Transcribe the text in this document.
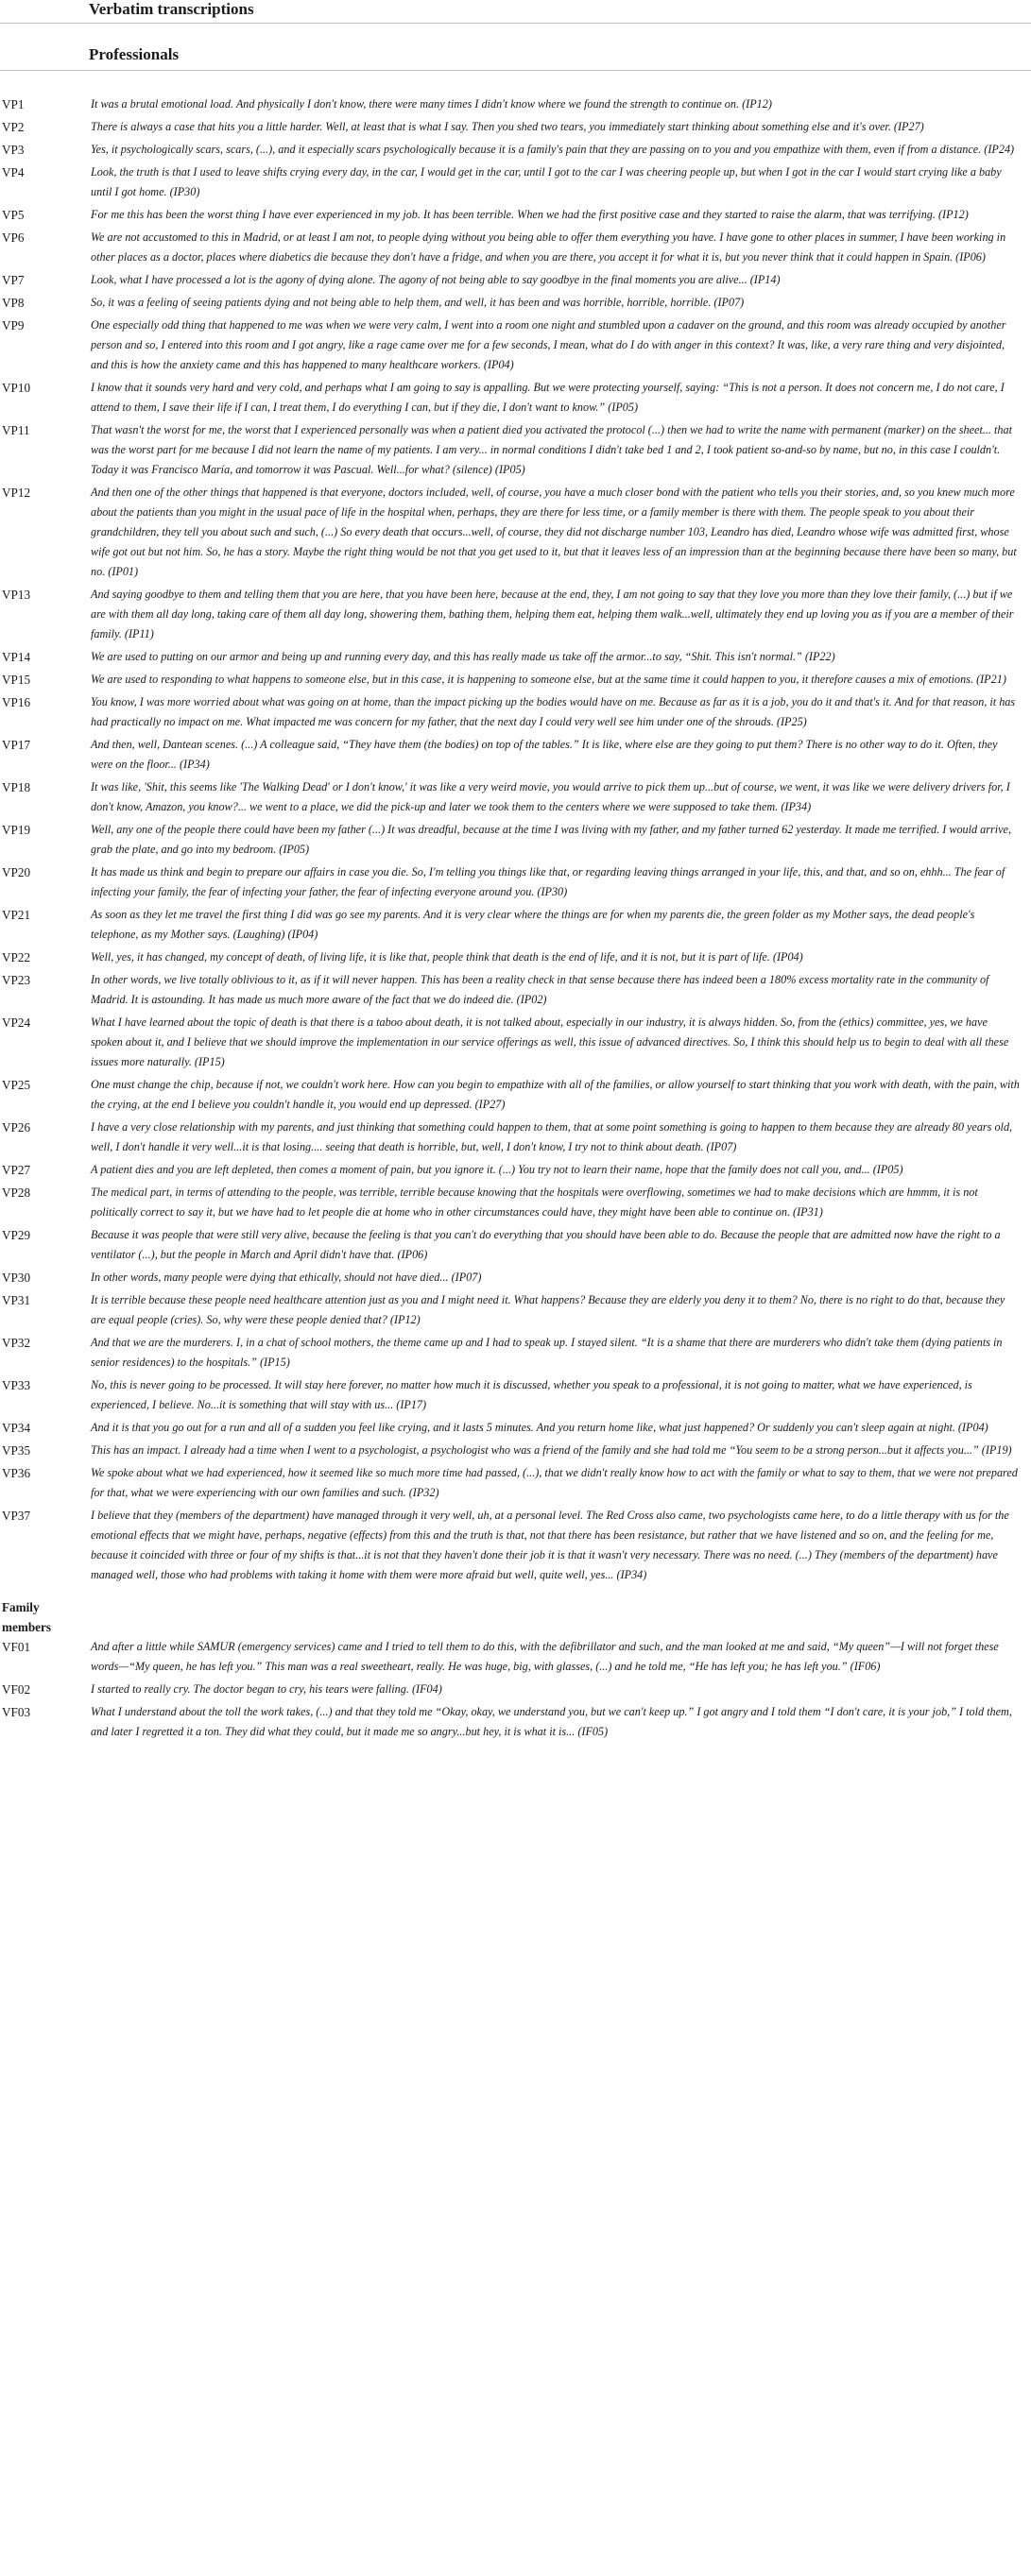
Verbatim transcriptions
Professionals
VP1	It was a brutal emotional load. And physically I don't know, there were many times I didn't know where we found the strength to continue on. (IP12)

VP2	There is always a case that hits you a little harder. Well, at least that is what I say. Then you shed two tears, you immediately start thinking about something else and it's over. (IP27)

VP3	Yes, it psychologically scars, scars, (...), and it especially scars psychologically because it is a family's pain that they are passing on to you and you empathize with them, even if from a distance. (IP24)

VP4	Look, the truth is that I used to leave shifts crying every day, in the car, I would get in the car, until I got to the car I was cheering people up, but when I got in the car I would start crying like a baby until I got home. (IP30)

VP5	For me this has been the worst thing I have ever experienced in my job. It has been terrible. When we had the first positive case and they started to raise the alarm, that was terrifying. (IP12)

VP6	We are not accustomed to this in Madrid, or at least I am not, to people dying without you being able to offer them everything you have. I have gone to other places in summer, I have been working in other places as a doctor, places where diabetics die because they don't have a fridge, and when you are there, you accept it for what it is, but you never think that it could happen in Spain. (IP06)

VP7	Look, what I have processed a lot is the agony of dying alone. The agony of not being able to say goodbye in the final moments you are alive... (IP14)

VP8	So, it was a feeling of seeing patients dying and not being able to help them, and well, it has been and was horrible, horrible, horrible. (IP07)

VP9	One especially odd thing that happened to me was when we were very calm, I went into a room one night and stumbled upon a cadaver on the ground, and this room was already occupied by another person and so, I entered into this room and I got angry, like a rage came over me for a few seconds, I mean, what do I do with anger in this context? It was, like, a very rare thing and very disjointed, and this is how the anxiety came and this has happened to many healthcare workers. (IP04)

VP10	I know that it sounds very hard and very cold, and perhaps what I am going to say is appalling. But we were protecting yourself, saying: “This is not a person. It does not concern me, I do not care, I attend to them, I save their life if I can, I treat them, I do everything I can, but if they die, I don't want to know.” (IP05)

VP11	That wasn't the worst for me, the worst that I experienced personally was when a patient died you activated the protocol (...) then we had to write the name with permanent (marker) on the sheet... that was the worst part for me because I did not learn the name of my patients. I am very... in normal conditions I didn't take bed 1 and 2, I took patient so-and-so by name, but no, in this case I couldn't. Today it was Francisco María, and tomorrow it was Pascual. Well...for what? (silence) (IP05)

VP12	And then one of the other things that happened is that everyone, doctors included, well, of course, you have a much closer bond with the patient who tells you their stories, and, so you knew much more about the patients than you might in the usual pace of life in the hospital when, perhaps, they are there for less time, or a family member is there with them. The people speak to you about their grandchildren, they tell you about such and such, (...) So every death that occurs...well, of course, they did not discharge number 103, Leandro has died, Leandro whose wife was admitted first, whose wife got out but not him. So, he has a story. Maybe the right thing would be not that you get used to it, but that it leaves less of an impression than at the beginning because there have been so many, but no. (IP01)

VP13	And saying goodbye to them and telling them that you are here, that you have been here, because at the end, they, I am not going to say that they love you more than they love their family, (...) but if we are with them all day long, taking care of them all day long, showering them, bathing them, helping them eat, helping them walk...well, ultimately they end up loving you as if you are a member of their family. (IP11)

VP14	We are used to putting on our armor and being up and running every day, and this has really made us take off the armor...to say, “Shit. This isn't normal.” (IP22)

VP15	We are used to responding to what happens to someone else, but in this case, it is happening to someone else, but at the same time it could happen to you, it therefore causes a mix of emotions. (IP21)

VP16	You know, I was more worried about what was going on at home, than the impact picking up the bodies would have on me. Because as far as it is a job, you do it and that's it. And for that reason, it has had practically no impact on me. What impacted me was concern for my father, that the next day I could very well see him under one of the shrouds. (IP25)

VP17	And then, well, Dantean scenes. (...) A colleague said, “They have them (the bodies) on top of the tables.” It is like, where else are they going to put them? There is no other way to do it. Often, they were on the floor... (IP34)

VP18	It was like, 'Shit, this seems like 'The Walking Dead' or I don't know,' it was like a very weird movie, you would arrive to pick them up...but of course, we went, it was like we were delivery drivers for, I don't know, Amazon, you know?... we went to a place, we did the pick-up and later we took them to the centers where we were supposed to take them. (IP34)

VP19	Well, any one of the people there could have been my father (...) It was dreadful, because at the time I was living with my father, and my father turned 62 yesterday. It made me terrified. I would arrive, grab the plate, and go into my bedroom. (IP05)

VP20	It has made us think and begin to prepare our affairs in case you die. So, I'm telling you things like that, or regarding leaving things arranged in your life, this, and that, and so on, ehhh... The fear of infecting your family, the fear of infecting your father, the fear of infecting everyone around you. (IP30)

VP21	As soon as they let me travel the first thing I did was go see my parents. And it is very clear where the things are for when my parents die, the green folder as my Mother says, the dead people's telephone, as my Mother says. (Laughing) (IP04)

VP22	Well, yes, it has changed, my concept of death, of living life, it is like that, people think that death is the end of life, and it is not, but it is part of life. (IP04)

VP23	In other words, we live totally oblivious to it, as if it will never happen. This has been a reality check in that sense because there has indeed been a 180% excess mortality rate in the community of Madrid. It is astounding. It has made us much more aware of the fact that we do indeed die. (IP02)

VP24	What I have learned about the topic of death is that there is a taboo about death, it is not talked about, especially in our industry, it is always hidden. So, from the (ethics) committee, yes, we have spoken about it, and I believe that we should improve the implementation in our service offerings as well, this issue of advanced directives. So, I think this should help us to begin to deal with all these issues more naturally. (IP15)

VP25	One must change the chip, because if not, we couldn't work here. How can you begin to empathize with all of the families, or allow yourself to start thinking that you work with death, with the pain, with the crying, at the end I believe you couldn't handle it, you would end up depressed. (IP27)

VP26	I have a very close relationship with my parents, and just thinking that something could happen to them, that at some point something is going to happen to them because they are already 80 years old, well, I don't handle it very well...it is that losing.... seeing that death is horrible, but, well, I don't know, I try not to think about death. (IP07)

VP27	A patient dies and you are left depleted, then comes a moment of pain, but you ignore it. (...) You try not to learn their name, hope that the family does not call you, and... (IP05)

VP28	The medical part, in terms of attending to the people, was terrible, terrible because knowing that the hospitals were overflowing, sometimes we had to make decisions which are hmmm, it is not politically correct to say it, but we have had to let people die at home who in other circumstances could have, they might have been able to continue on. (IP31)

VP29	Because it was people that were still very alive, because the feeling is that you can't do everything that you should have been able to do. Because the people that are admitted now have the right to a ventilator (...), but the people in March and April didn't have that. (IP06)

VP30	In other words, many people were dying that ethically, should not have died... (IP07)

VP31	It is terrible because these people need healthcare attention just as you and I might need it. What happens? Because they are elderly you deny it to them? No, there is no right to do that, because they are equal people (cries). So, why were these people denied that? (IP12)

VP32	And that we are the murderers. I, in a chat of school mothers, the theme came up and I had to speak up. I stayed silent. “It is a shame that there are murderers who didn't take them (dying patients in senior residences) to the hospitals.” (IP15)

VP33	No, this is never going to be processed. It will stay here forever, no matter how much it is discussed, whether you speak to a professional, it is not going to matter, what we have experienced, is experienced, I believe. No...it is something that will stay with us... (IP17)

VP34	And it is that you go out for a run and all of a sudden you feel like crying, and it lasts 5 minutes. And you return home like, what just happened? Or suddenly you can't sleep again at night. (IP04)

VP35	This has an impact. I already had a time when I went to a psychologist, a psychologist who was a friend of the family and she had told me “You seem to be a strong person...but it affects you...” (IP19)

VP36	We spoke about what we had experienced, how it seemed like so much more time had passed, (...), that we didn't really know how to act with the family or what to say to them, that we were not prepared for that, what we were experiencing with our own families and such. (IP32)

VP37	I believe that they (members of the department) have managed through it very well, uh, at a personal level. The Red Cross also came, two psychologists came here, to do a little therapy with us for the emotional effects that we might have, perhaps, negative (effects) from this and the truth is that, not that there has been resistance, but rather that we have listened and so on, and the feeling for me, because it coincided with three or four of my shifts is that...it is not that they haven't done their job it is that it wasn't very necessary. There was no need. (...) They (members of the department) have managed well, those who had problems with taking it home with them were more afraid but well, quite well, yes... (IP34)

Family members	
VF01	And after a little while SAMUR (emergency services) came and I tried to tell them to do this, with the defibrillator and such, and the man looked at me and said, “My queen”—I will not forget these words—“My queen, he has left you.” This man was a real sweetheart, really. He was huge, big, with glasses, (...) and he told me, “He has left you; he has left you.” (IF06)

VF02	I started to really cry. The doctor began to cry, his tears were falling. (IF04)

VF03	What I understand about the toll the work takes, (...) and that they told me “Okay, okay, we understand you, but we can't keep up.” I got angry and I told them “I don't care, it is your job,” I told them, and later I regretted it a ton. They did what they could, but it made me so angry...but hey, it is what it is... (IF05)
